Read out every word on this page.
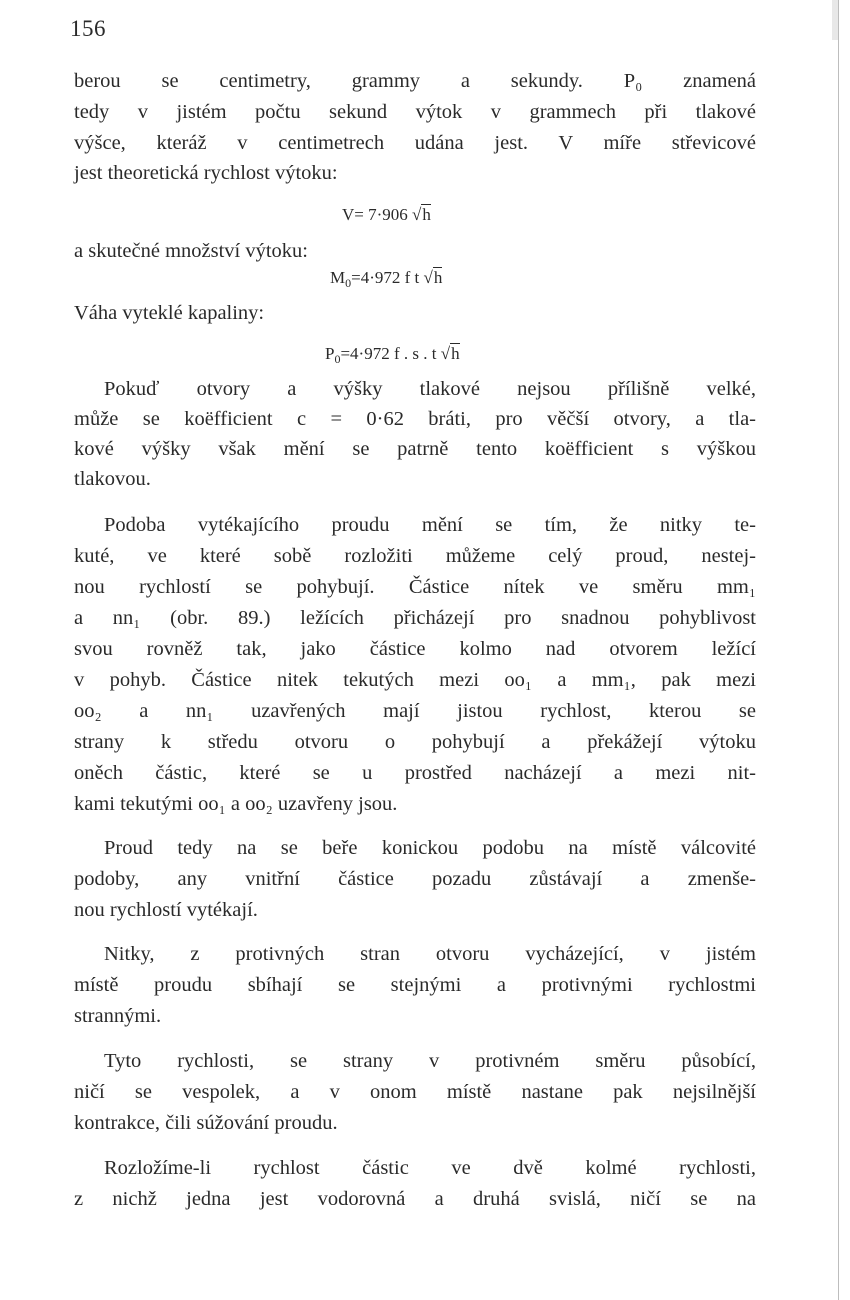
156
berou se centimetry, grammy a sekundy. P₀ znamená
tedy v jistém počtu sekund výtok v grammech při tlakové
výšce, kteráž v centimetrech udána jest. V míře střevicové
jest theoretická rychlost výtoku:
a skutečné množství výtoku:
Váha vyteklé kapaliny:
Pokuď otvory a výšky tlakové nejsou přílišně velké,
může se koëfficient c = 0·62 bráti, pro věčší otvory, a tla-
kové výšky však mění se patrně tento koëfficient s výškou
tlakovou.
Podoba vytékajícího proudu mění se tím, že nitky te-
kuté, ve které sobě rozložiti můžeme celý proud, nestej-
nou rychlostí se pohybují. Částice nítek ve směru mm₁
a nn₁ (obr. 89.) ležících přicházejí pro snadnou pohyblivost
svou rovněž tak, jako částice kolmo nad otvorem ležící
v pohyb. Částice nitek tekutých mezi oo₁ a mm₁, pak mezi
oo₂ a nn₁ uzavřených mají jistou rychlost, kterou se
strany k středu otvoru o pohybují a překážejí výtoku
oněch částic, které se u prostřed nacházejí a mezi nit-
kami tekutými oo₁ a oo₂ uzavřeny jsou.
Proud tedy na se beře konickou podobu na místě válcovité
podoby, any vnitřní částice pozadu zůstávají a zmenše-
nou rychlostí vytékají.
Nitky, z protivných stran otvoru vycházející, v jistém
místě proudu sbíhají se stejnými a protivnými rychlostmi
strannými.
Tyto rychlosti, se strany v protivném směru působící,
ničí se vespolek, a v onom místě nastane pak nejsilnější
kontrakce, čili súžování proudu.
Rozložíme-li rychlost částic ve dvě kolmé rychlosti,
z nichž jedna jest vodorovná a druhá svislá, ničí se na
V= 7·906 √h
$M_0=4\cdot 972$ f t √h
$P_0=4\cdot 972$ f . s . t √h
